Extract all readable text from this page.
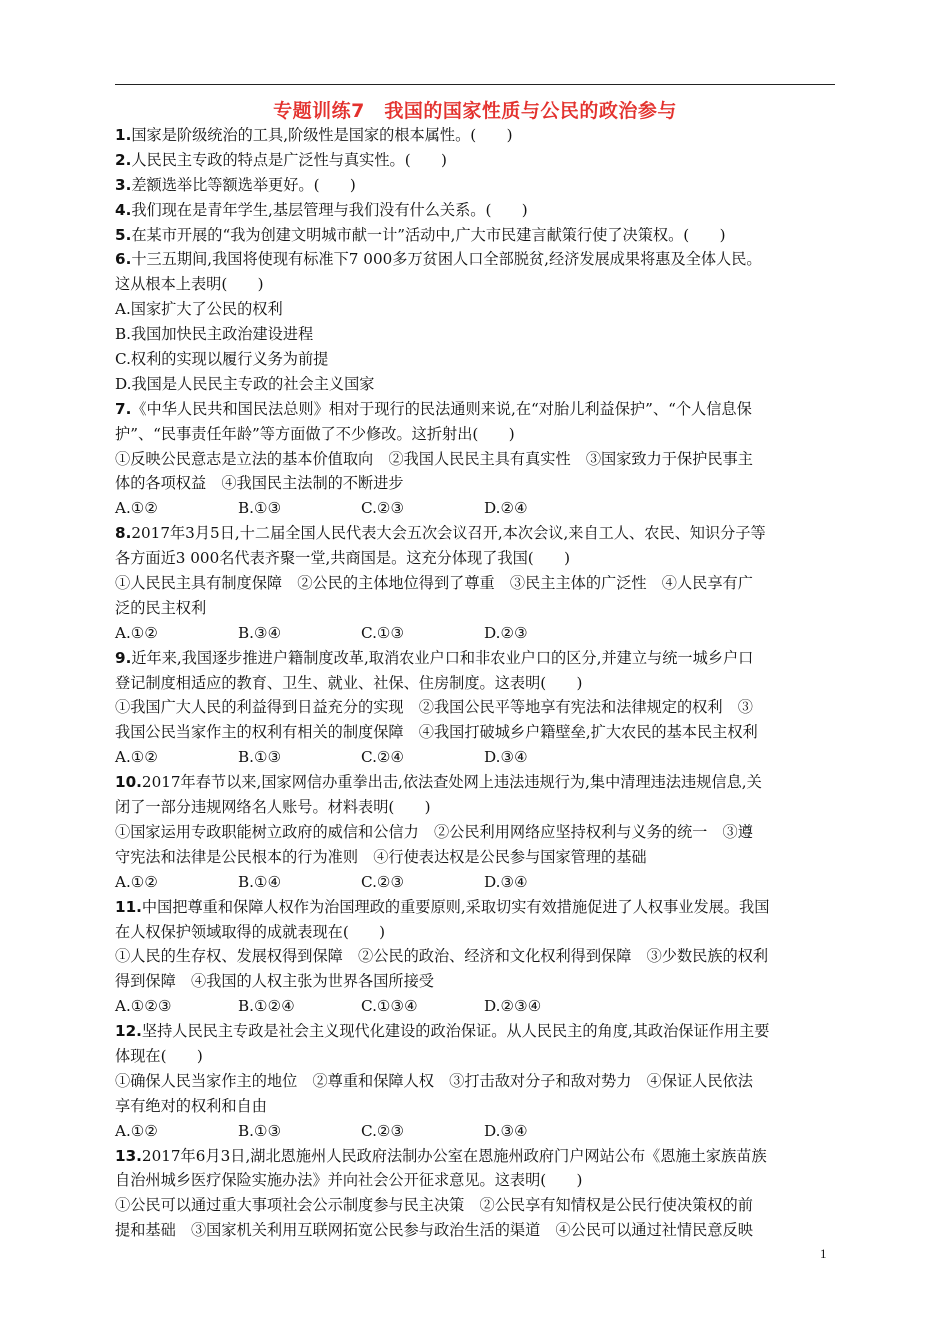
专题训练7　我国的国家性质与公民的政治参与
1.国家是阶级统治的工具,阶级性是国家的根本属性。(　　)
2.人民民主专政的特点是广泛性与真实性。(　　)
3.差额选举比等额选举更好。(　　)
4.我们现在是青年学生,基层管理与我们没有什么关系。(　　)
5.在某市开展的“我为创建文明城市献一计”活动中,广大市民建言献策行使了决策权。(　　)
6.十三五期间,我国将使现有标准下7 000多万贫困人口全部脱贫,经济发展成果将惠及全体人民。
这从根本上表明(　　)
A.国家扩大了公民的权利
B.我国加快民主政治建设进程
C.权利的实现以履行义务为前提
D.我国是人民民主专政的社会主义国家
7.《中华人民共和国民法总则》相对于现行的民法通则来说,在“对胎儿利益保护”、“个人信息保
护”、“民事责任年龄”等方面做了不少修改。这折射出(　　)
①反映公民意志是立法的基本价值取向　②我国人民民主具有真实性　③国家致力于保护民事主
体的各项权益　④我国民主法制的不断进步
A.①②	B.①③	C.②③	D.②④
8.2017年3月5日,十二届全国人民代表大会五次会议召开,本次会议,来自工人、农民、知识分子等
各方面近3 000名代表齐聚一堂,共商国是。这充分体现了我国(　　)
①人民民主具有制度保障　②公民的主体地位得到了尊重　③民主主体的广泛性　④人民享有广
泛的民主权利
A.①②	B.③④	C.①③	D.②③
9.近年来,我国逐步推进户籍制度改革,取消农业户口和非农业户口的区分,并建立与统一城乡户口
登记制度相适应的教育、卫生、就业、社保、住房制度。这表明(　　)
①我国广大人民的利益得到日益充分的实现　②我国公民平等地享有宪法和法律规定的权利　③
我国公民当家作主的权利有相关的制度保障　④我国打破城乡户籍壁垒,扩大农民的基本民主权利
A.①②	B.①③	C.②④	D.③④
10.2017年春节以来,国家网信办重拳出击,依法查处网上违法违规行为,集中清理违法违规信息,关
闭了一部分违规网络名人账号。材料表明(　　)
①国家运用专政职能树立政府的威信和公信力　②公民利用网络应坚持权利与义务的统一　③遵
守宪法和法律是公民根本的行为准则　④行使表达权是公民参与国家管理的基础
A.①②	B.①④	C.②③	D.③④
11.中国把尊重和保障人权作为治国理政的重要原则,采取切实有效措施促进了人权事业发展。我国
在人权保护领域取得的成就表现在(　　)
①人民的生存权、发展权得到保障　②公民的政治、经济和文化权利得到保障　③少数民族的权利
得到保障　④我国的人权主张为世界各国所接受
A.①②③	B.①②④	C.①③④	D.②③④
12.坚持人民民主专政是社会主义现代化建设的政治保证。从人民民主的角度,其政治保证作用主要
体现在(　　)
①确保人民当家作主的地位　②尊重和保障人权　③打击敌对分子和敌对势力　④保证人民依法
享有绝对的权利和自由
A.①②	B.①③	C.②③	D.③④
13.2017年6月3日,湖北恩施州人民政府法制办公室在恩施州政府门户网站公布《恩施土家族苗族
自治州城乡医疗保险实施办法》并向社会公开征求意见。这表明(　　)
①公民可以通过重大事项社会公示制度参与民主决策　②公民享有知情权是公民行使决策权的前
提和基础　③国家机关利用互联网拓宽公民参与政治生活的渠道　④公民可以通过社情民意反映
1
